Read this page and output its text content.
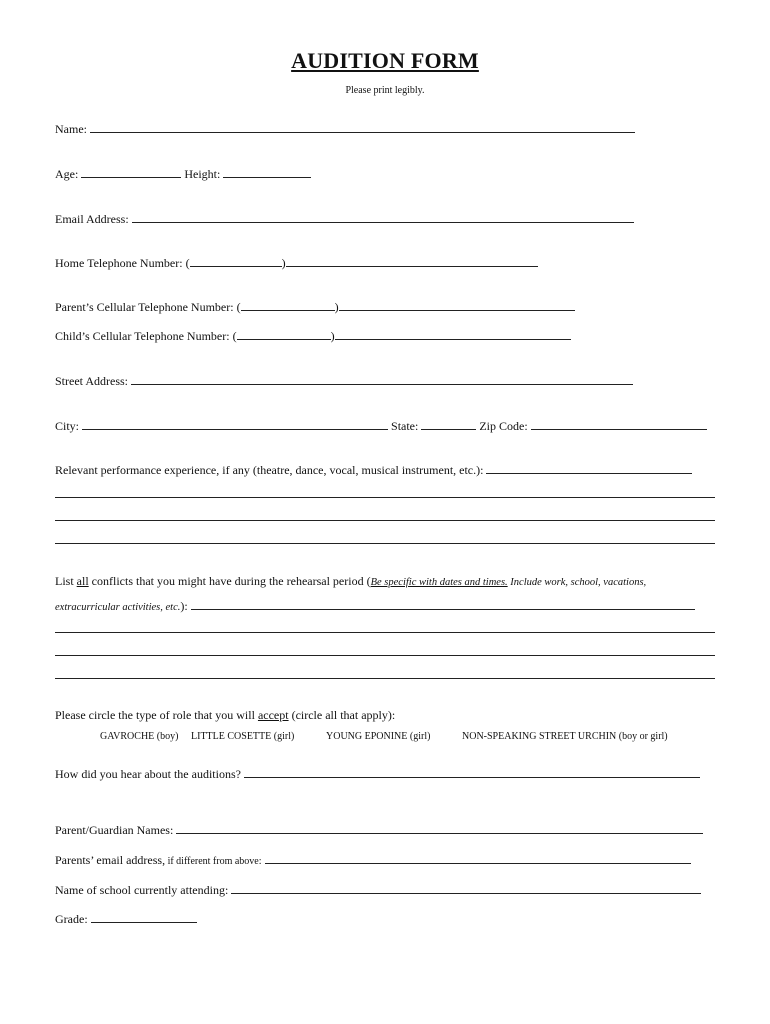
AUDITION FORM
Please print legibly.
Name:
Age:	Height:
Email Address:
Home Telephone Number: (	)
Parent’s Cellular Telephone Number: (	)
Child’s Cellular Telephone Number: (	)
Street Address:
City:	State:	Zip Code:
Relevant performance experience, if any (theatre, dance, vocal, musical instrument, etc.):
List all conflicts that you might have during the rehearsal period (Be specific with dates and times. Include work, school, vacations,
extracurricular activities, etc.):
Please circle the type of role that you will accept (circle all that apply):
GAVROCHE (boy) LITTLE COSETTE (girl)	YOUNG EPONINE (girl)	NON-SPEAKING STREET URCHIN (boy or girl)
How did you hear about the auditions?
Parent/Guardian Names:
Parents’ email address, if different from above:
Name of school currently attending:
Grade:
